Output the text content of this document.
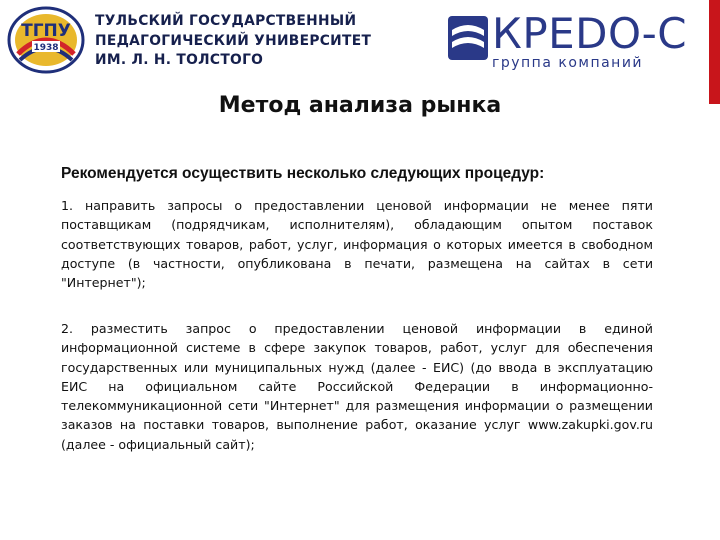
ТГПУ
1938
ТУЛЬСКИЙ ГОСУДАРСТВЕННЫЙ
ПЕДАГОГИЧЕСКИЙ УНИВЕРСИТЕТ
ИМ. Л. Н. ТОЛСТОГО
КРЕDО-С
группа компаний
Метод анализа рынка
Рекомендуется осуществить несколько следующих процедур:
1. направить запросы о предоставлении ценовой информации не менее пяти поставщикам (подрядчикам, исполнителям), обладающим опытом поставок соответствующих товаров, работ, услуг, информация о которых имеется в свободном доступе (в частности, опубликована в печати, размещена на сайтах в сети "Интернет");
2. разместить запрос о предоставлении ценовой информации в единой информационной системе в сфере закупок товаров, работ, услуг для обеспечения государственных или муниципальных нужд (далее - ЕИС) (до ввода в эксплуатацию ЕИС на официальном сайте Российской Федерации в информационно-телекоммуникационной сети "Интернет" для размещения информации о размещении заказов на поставки товаров, выполнение работ, оказание услуг www.zakupki.gov.ru (далее - официальный сайт);
